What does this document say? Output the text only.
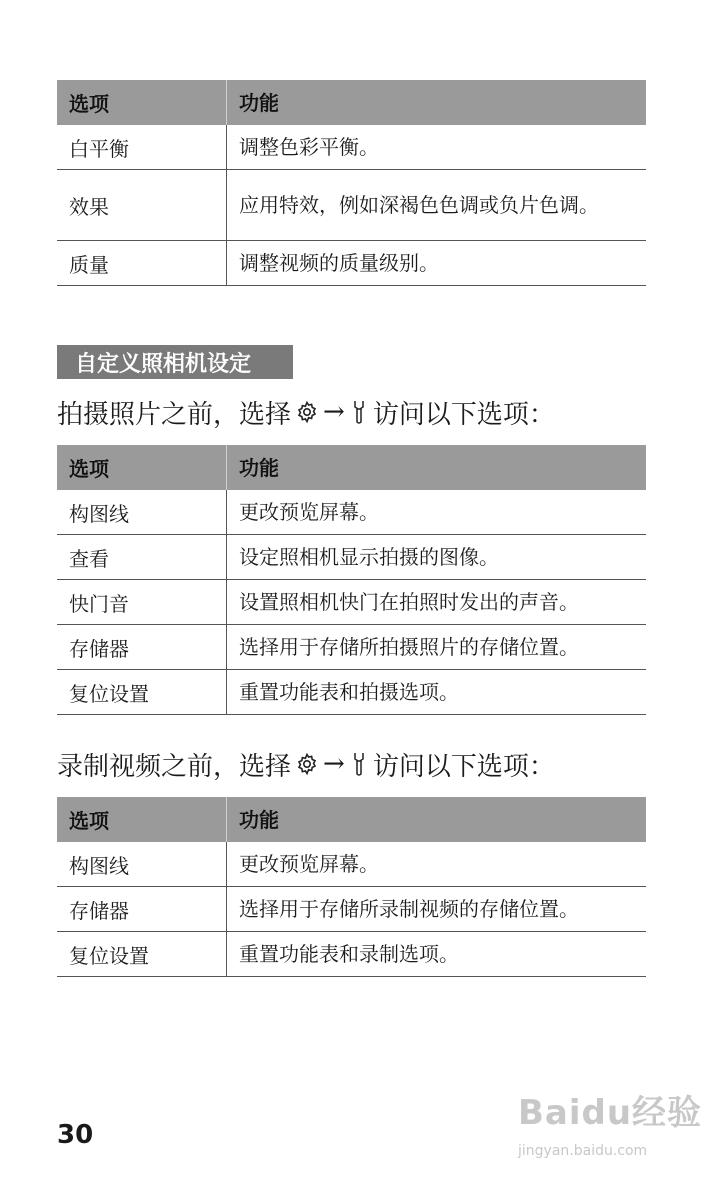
选项	功能
白平衡	调整色彩平衡。
效果	应用特效，例如深褐色色调或负片色调。
质量	调整视频的质量级别。
自定义照相机设定
拍摄照片之前，选择 → 访问以下选项：
选项	功能
构图线	更改预览屏幕。
查看	设定照相机显示拍摄的图像。
快门音	设置照相机快门在拍照时发出的声音。
存储器	选择用于存储所拍摄照片的存储位置。
复位设置	重置功能表和拍摄选项。
录制视频之前，选择 → 访问以下选项：
选项	功能
构图线	更改预览屏幕。
存储器	选择用于存储所录制视频的存储位置。
复位设置	重置功能表和录制选项。
30
Baidu经验
jingyan.baidu.com
